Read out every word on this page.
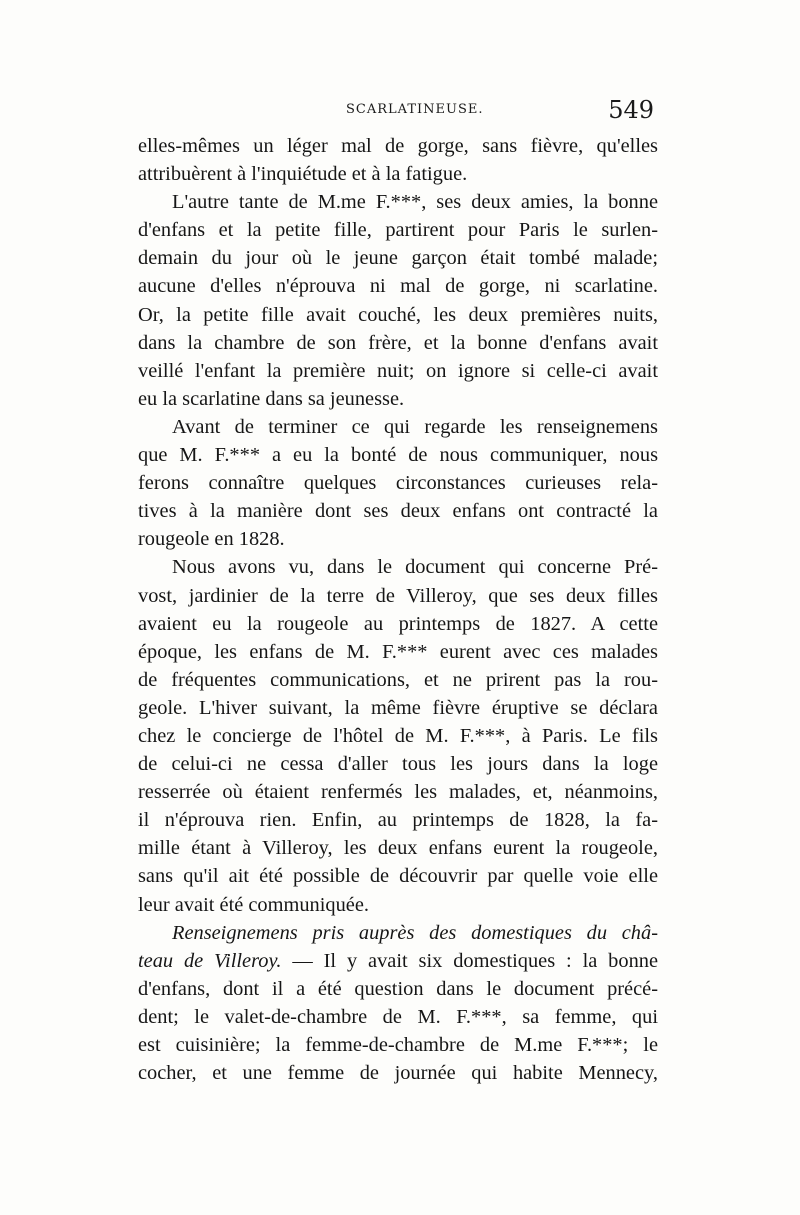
SCARLATINEUSE.	549
elles-mêmes un léger mal de gorge, sans fièvre, qu'elles
attribuèrent à l'inquiétude et à la fatigue.
L'autre tante de M.me F.***, ses deux amies, la bonne
d'enfans et la petite fille, partirent pour Paris le surlen-
demain du jour où le jeune garçon était tombé malade;
aucune d'elles n'éprouva ni mal de gorge, ni scarlatine.
Or, la petite fille avait couché, les deux premières nuits,
dans la chambre de son frère, et la bonne d'enfans avait
veillé l'enfant la première nuit; on ignore si celle-ci avait
eu la scarlatine dans sa jeunesse.
Avant de terminer ce qui regarde les renseignemens
que M. F.*** a eu la bonté de nous communiquer, nous
ferons connaître quelques circonstances curieuses rela-
tives à la manière dont ses deux enfans ont contracté la
rougeole en 1828.
Nous avons vu, dans le document qui concerne Pré-
vost, jardinier de la terre de Villeroy, que ses deux filles
avaient eu la rougeole au printemps de 1827. A cette
époque, les enfans de M. F.*** eurent avec ces malades
de fréquentes communications, et ne prirent pas la rou-
geole. L'hiver suivant, la même fièvre éruptive se déclara
chez le concierge de l'hôtel de M. F.***, à Paris. Le fils
de celui-ci ne cessa d'aller tous les jours dans la loge
resserrée où étaient renfermés les malades, et, néanmoins,
il n'éprouva rien. Enfin, au printemps de 1828, la fa-
mille étant à Villeroy, les deux enfans eurent la rougeole,
sans qu'il ait été possible de découvrir par quelle voie elle
leur avait été communiquée.
Renseignemens pris auprès des domestiques du châ-
teau de Villeroy. — Il y avait six domestiques : la bonne
d'enfans, dont il a été question dans le document précé-
dent; le valet-de-chambre de M. F.***, sa femme, qui
est cuisinière; la femme-de-chambre de M.me F.***; le
cocher, et une femme de journée qui habite Mennecy,
